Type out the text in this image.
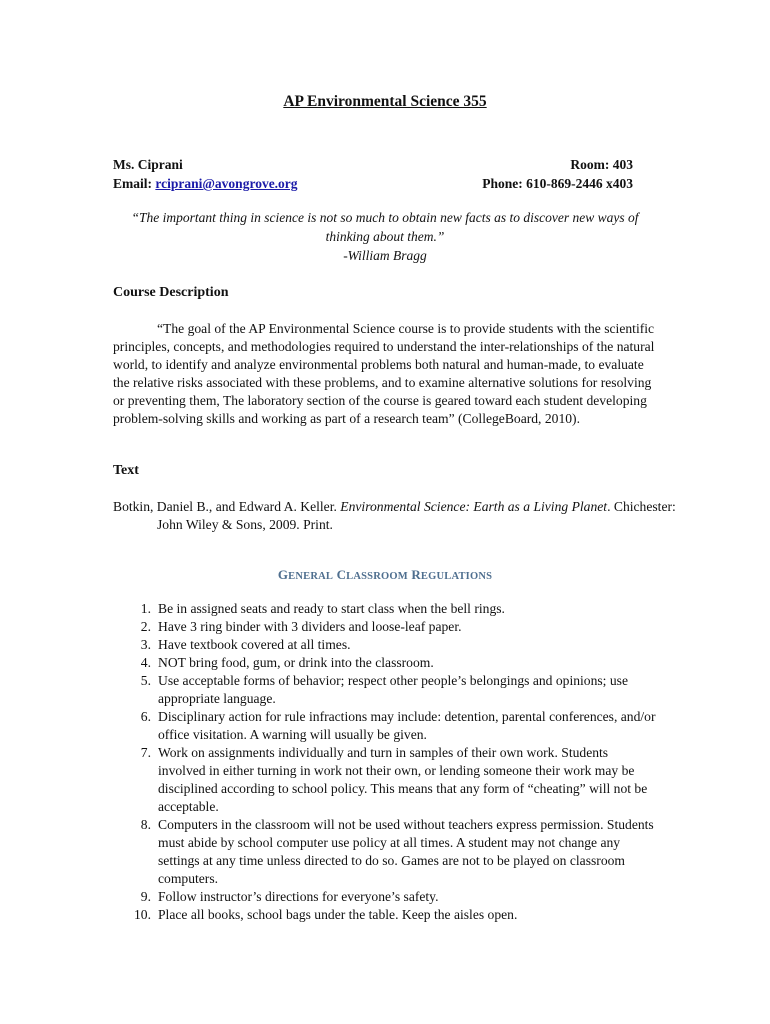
AP Environmental Science 355
Ms. Ciprani
Email: rciprani@avongrove.org
Room: 403
Phone: 610-869-2446 x403
“The important thing in science is not so much to obtain new facts as to discover new ways of thinking about them.”
-William Bragg
Course Description

“The goal of the AP Environmental Science course is to provide students with the scientific principles, concepts, and methodologies required to understand the inter-relationships of the natural world, to identify and analyze environmental problems both natural and human-made, to evaluate the relative risks associated with these problems, and to examine alternative solutions for resolving or preventing them, The laboratory section of the course is geared toward each student developing problem-solving skills and working as part of a research team” (CollegeBoard, 2010).

Text

Botkin, Daniel B., and Edward A. Keller. Environmental Science: Earth as a Living Planet. Chichester: John Wiley & Sons, 2009. Print.

GENERAL CLASSROOM REGULATIONS
1. Be in assigned seats and ready to start class when the bell rings.
2. Have 3 ring binder with 3 dividers and loose-leaf paper.
3. Have textbook covered at all times.
4. NOT bring food, gum, or drink into the classroom.
5. Use acceptable forms of behavior; respect other people’s belongings and opinions; use appropriate language.
6. Disciplinary action for rule infractions may include: detention, parental conferences, and/or office visitation. A warning will usually be given.
7. Work on assignments individually and turn in samples of their own work. Students involved in either turning in work not their own, or lending someone their work may be disciplined according to school policy. This means that any form of “cheating” will not be acceptable.
8. Computers in the classroom will not be used without teachers express permission. Students must abide by school computer use policy at all times. A student may not change any settings at any time unless directed to do so. Games are not to be played on classroom computers.
9. Follow instructor’s directions for everyone’s safety.
10. Place all books, school bags under the table. Keep the aisles open.
